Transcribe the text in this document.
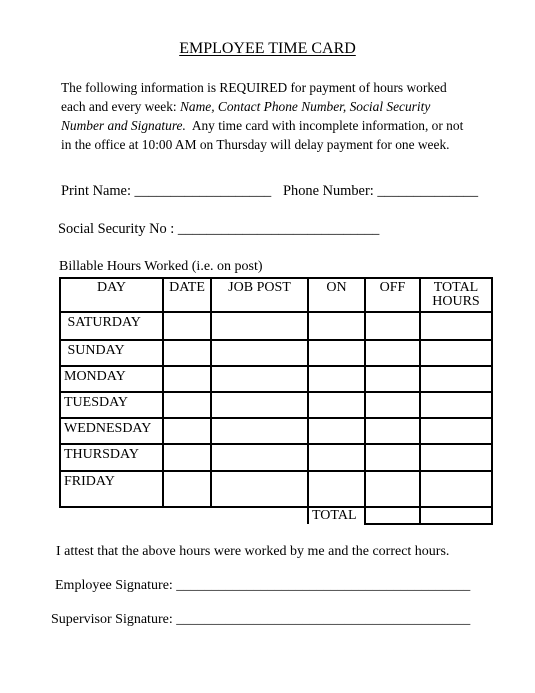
EMPLOYEE TIME CARD
The following information is REQUIRED for payment of hours worked
each and every week: Name, Contact Phone Number, Social Security
Number and Signature.  Any time card with incomplete information, or not
in the office at 10:00 AM on Thursday will delay payment for one week.
Print Name: ___________________ Phone Number: ______________
Social Security No : ____________________________
Billable Hours Worked (i.e. on post)
DAY	DATE	JOB POST	ON	OFF	TOTAL HOURS
SATURDAY					
SUNDAY					
MONDAY					
TUESDAY					
WEDNESDAY					
THURSDAY					
FRIDAY					
			TOTAL		
I attest that the above hours were worked by me and the correct hours.
Employee Signature: __________________________________________
Supervisor Signature: __________________________________________
